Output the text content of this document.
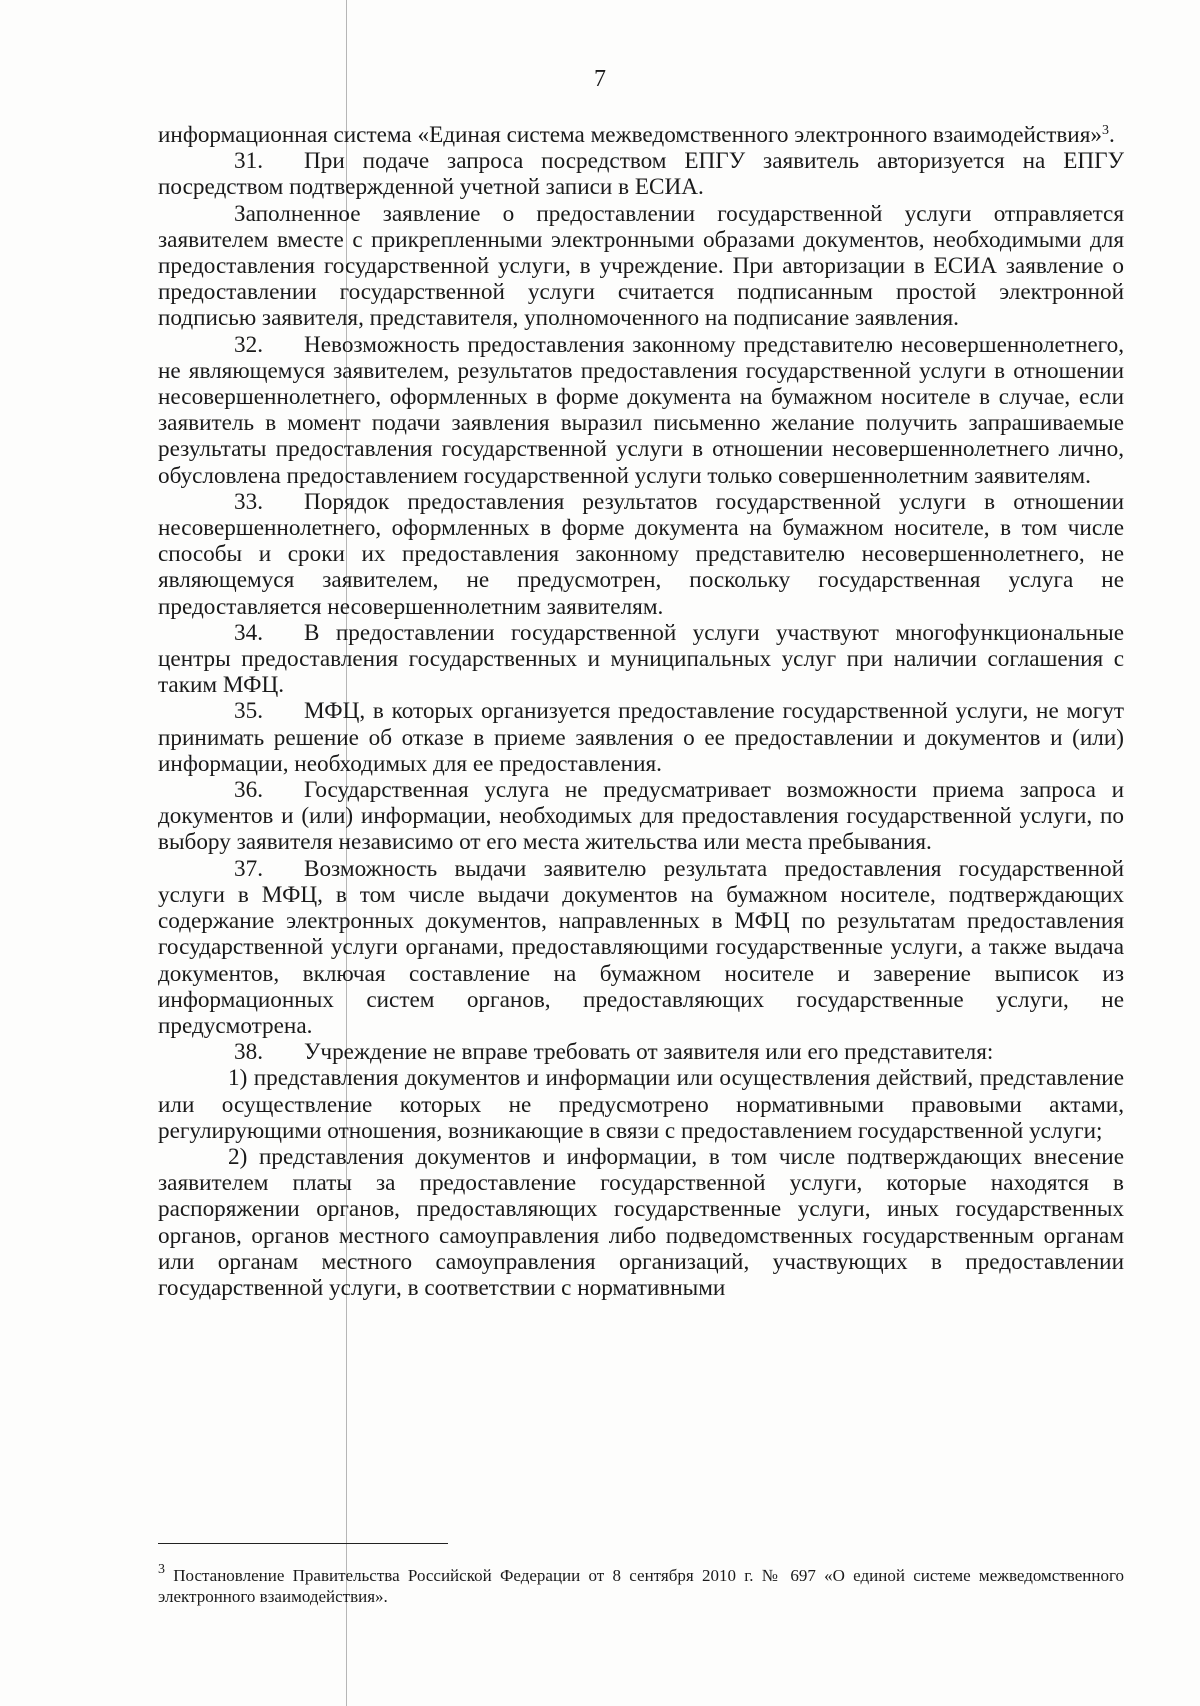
7

информационная система «Единая система межведомственного электронного взаимодействия»$^3$.

31. При подаче запроса посредством ЕПГУ заявитель авторизуется на ЕПГУ посредством подтвержденной учетной записи в ЕСИА.

Заполненное заявление о предоставлении государственной услуги отправляется заявителем вместе с прикрепленными электронными образами документов, необходимыми для предоставления государственной услуги, в учреждение. При авторизации в ЕСИА заявление о предоставлении государственной услуги считается подписанным простой электронной подписью заявителя, представителя, уполномоченного на подписание заявления.

32. Невозможность предоставления законному представителю несовершеннолетнего, не являющемуся заявителем, результатов предоставления государственной услуги в отношении несовершеннолетнего, оформленных в форме документа на бумажном носителе в случае, если заявитель в момент подачи заявления выразил письменно желание получить запрашиваемые результаты предоставления государственной услуги в отношении несовершеннолетнего лично, обусловлена предоставлением государственной услуги только совершеннолетним заявителям.

33. Порядок предоставления результатов государственной услуги в отношении несовершеннолетнего, оформленных в форме документа на бумажном носителе, в том числе способы и сроки их предоставления законному представителю несовершеннолетнего, не являющемуся заявителем, не предусмотрен, поскольку государственная услуга не предоставляется несовершеннолетним заявителям.

34. В предоставлении государственной услуги участвуют многофункциональные центры предоставления государственных и муниципальных услуг при наличии соглашения с таким МФЦ.

35. МФЦ, в которых организуется предоставление государственной услуги, не могут принимать решение об отказе в приеме заявления о ее предоставлении и документов и (или) информации, необходимых для ее предоставления.

36. Государственная услуга не предусматривает возможности приема запроса и документов и (или) информации, необходимых для предоставления государственной услуги, по выбору заявителя независимо от его места жительства или места пребывания.

37. Возможность выдачи заявителю результата предоставления государственной услуги в МФЦ, в том числе выдачи документов на бумажном носителе, подтверждающих содержание электронных документов, направленных в МФЦ по результатам предоставления государственной услуги органами, предоставляющими государственные услуги, а также выдача документов, включая составление на бумажном носителе и заверение выписок из информационных систем органов, предоставляющих государственные услуги, не предусмотрена.

38. Учреждение не вправе требовать от заявителя или его представителя:

1) представления документов и информации или осуществления действий, представление или осуществление которых не предусмотрено нормативными правовыми актами, регулирующими отношения, возникающие в связи с предоставлением государственной услуги;

2) представления документов и информации, в том числе подтверждающих внесение заявителем платы за предоставление государственной услуги, которые находятся в распоряжении органов, предоставляющих государственные услуги, иных государственных органов, органов местного самоуправления либо подведомственных государственным органам или органам местного самоуправления организаций, участвующих в предоставлении государственной услуги, в соответствии с нормативными

$^3$ Постановление Правительства Российской Федерации от 8 сентября 2010 г. № 697 «О единой системе межведомственного электронного взаимодействия».
